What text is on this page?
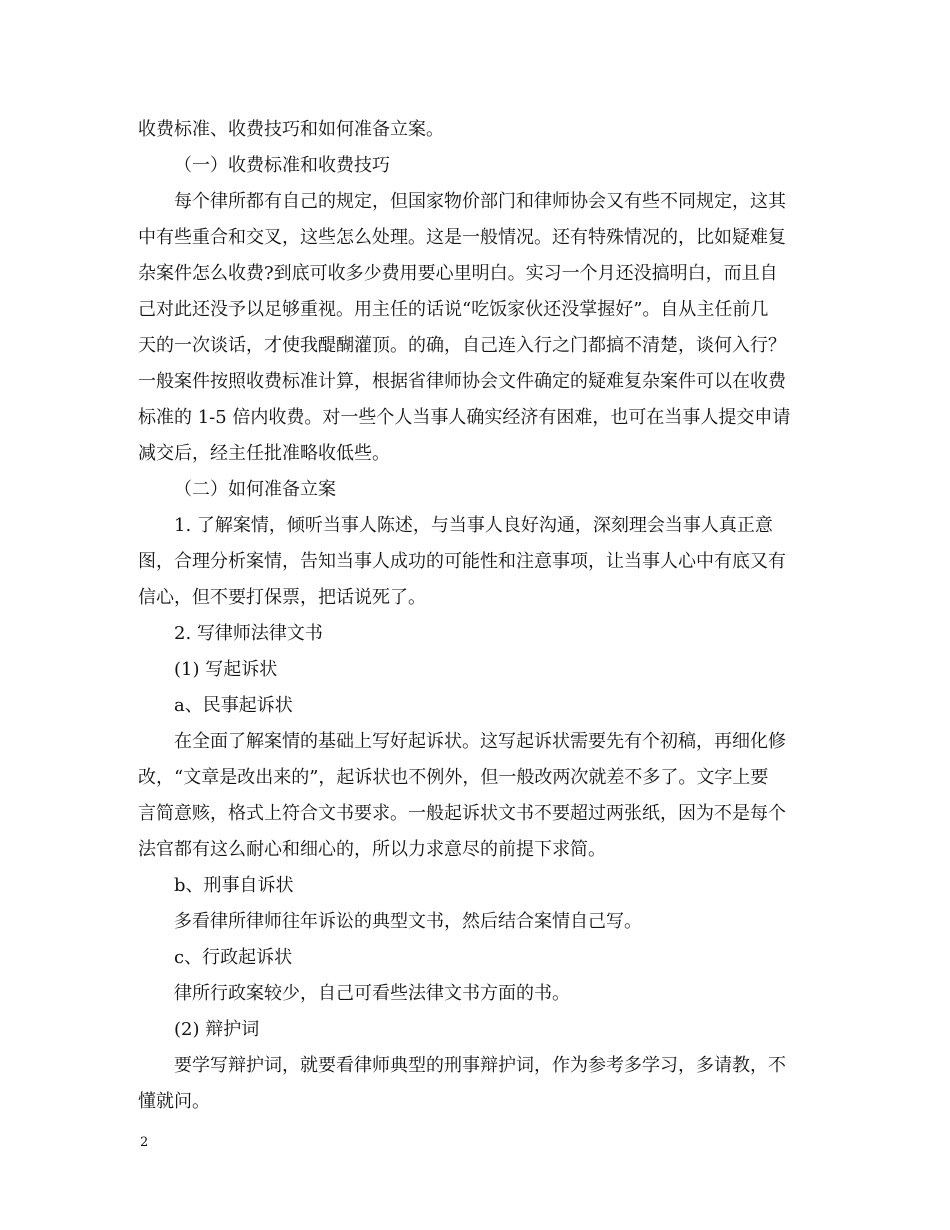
收费标准、收费技巧和如何准备立案。
（一）收费标准和收费技巧
每个律所都有自己的规定，但国家物价部门和律师协会又有些不同规定，这其
中有些重合和交叉，这些怎么处理。这是一般情况。还有特殊情况的，比如疑难复
杂案件怎么收费?到底可收多少费用要心里明白。实习一个月还没搞明白，而且自
己对此还没予以足够重视。用主任的话说“吃饭家伙还没掌握好”。自从主任前几
天的一次谈话，才使我醍醐灌顶。的确，自己连入行之门都搞不清楚，谈何入行？
一般案件按照收费标准计算，根据省律师协会文件确定的疑难复杂案件可以在收费
标准的 1-5 倍内收费。对一些个人当事人确实经济有困难，也可在当事人提交申请
减交后，经主任批准略收低些。
（二）如何准备立案
1. 了解案情，倾听当事人陈述，与当事人良好沟通，深刻理会当事人真正意
图，合理分析案情，告知当事人成功的可能性和注意事项，让当事人心中有底又有
信心，但不要打保票，把话说死了。
2. 写律师法律文书
(1) 写起诉状
a、民事起诉状
在全面了解案情的基础上写好起诉状。这写起诉状需要先有个初稿，再细化修
改，“文章是改出来的”，起诉状也不例外，但一般改两次就差不多了。文字上要
言简意赅，格式上符合文书要求。一般起诉状文书不要超过两张纸，因为不是每个
法官都有这么耐心和细心的，所以力求意尽的前提下求简。
b、刑事自诉状
多看律所律师往年诉讼的典型文书，然后结合案情自己写。
c、行政起诉状
律所行政案较少，自己可看些法律文书方面的书。
(2) 辩护词
要学写辩护词，就要看律师典型的刑事辩护词，作为参考多学习，多请教，不
懂就问。
2
